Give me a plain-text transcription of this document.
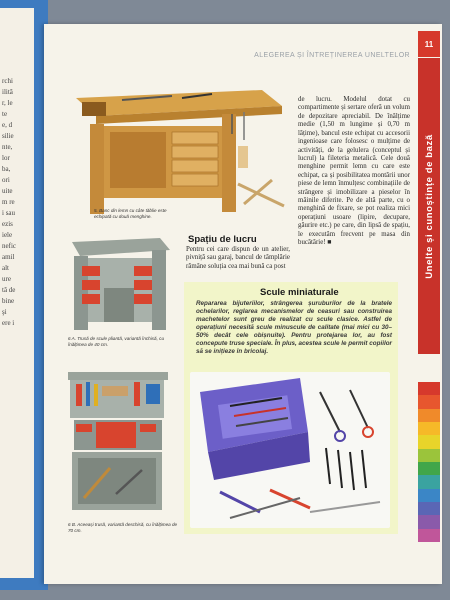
rchi
ilită
r, le
te
e, d
silie
nte,
lor
ba,
ori
uite
m re
i sau
ezis
iele
nefic
amil
alt
ure
tă de
bine
şi
ere i
ALEGEREA ȘI ÎNTREȚINEREA UNELTELOR
11
Unelte și cunoștințe de bază
5. Banc din lemn cu câte tăblie este echipată cu două menghine.
6 A. Trusă de scule pliantă, variantă închisă, cu înălțimea de 40 cm.
6 B. Aceeași trusă, variantă deschisă, cu înălțimea de 70 cm.
de lucru. Modelul dotat cu compartimente și sertare oferă un volum de depozitare apreciabil. De înălțime medie (1,50 m lungime și 0,70 m lățime), bancul este echipat cu accesorii ingenioase care folosesc o mulțime de activități, de la gelulera (conceptul și lucrul) la fileteria metalică. Cele două menghine permit lemn cu care este echipat, ca și posibilitatea montării unor piese de lemn înmulțesc combinațiile de strângere și imobilizare a pieselor în mâinile diferite. Pe de altă parte, cu o menghină de fixare, se pot realiza mici operațiuni usoare (lipire, decupare, găurire etc.) pe care, din lipsă de spațiu, le executăm frecvent pe masa din bucătărie! ■
Spațiu de lucru
Pentru cei care dispun de un atelier, pivniță sau garaj, bancul de tâmplărie rămâne soluția cea mai bună ca post
Scule miniaturale
Repararea bijuteriilor, strângerea șuruburilor de la bratele ochelarilor, reglarea mecanismelor de ceasuri sau construirea machetelor sunt greu de realizat cu scule clasice. Astfel de operațiuni necesită scule minuscule de calitate (mai mici cu 30–50% decât cele obișnuite). Pentru protejarea lor, au fost concepute truse speciale. În plus, acestea scule le permit copiilor să se inițieze în bricolaj.
